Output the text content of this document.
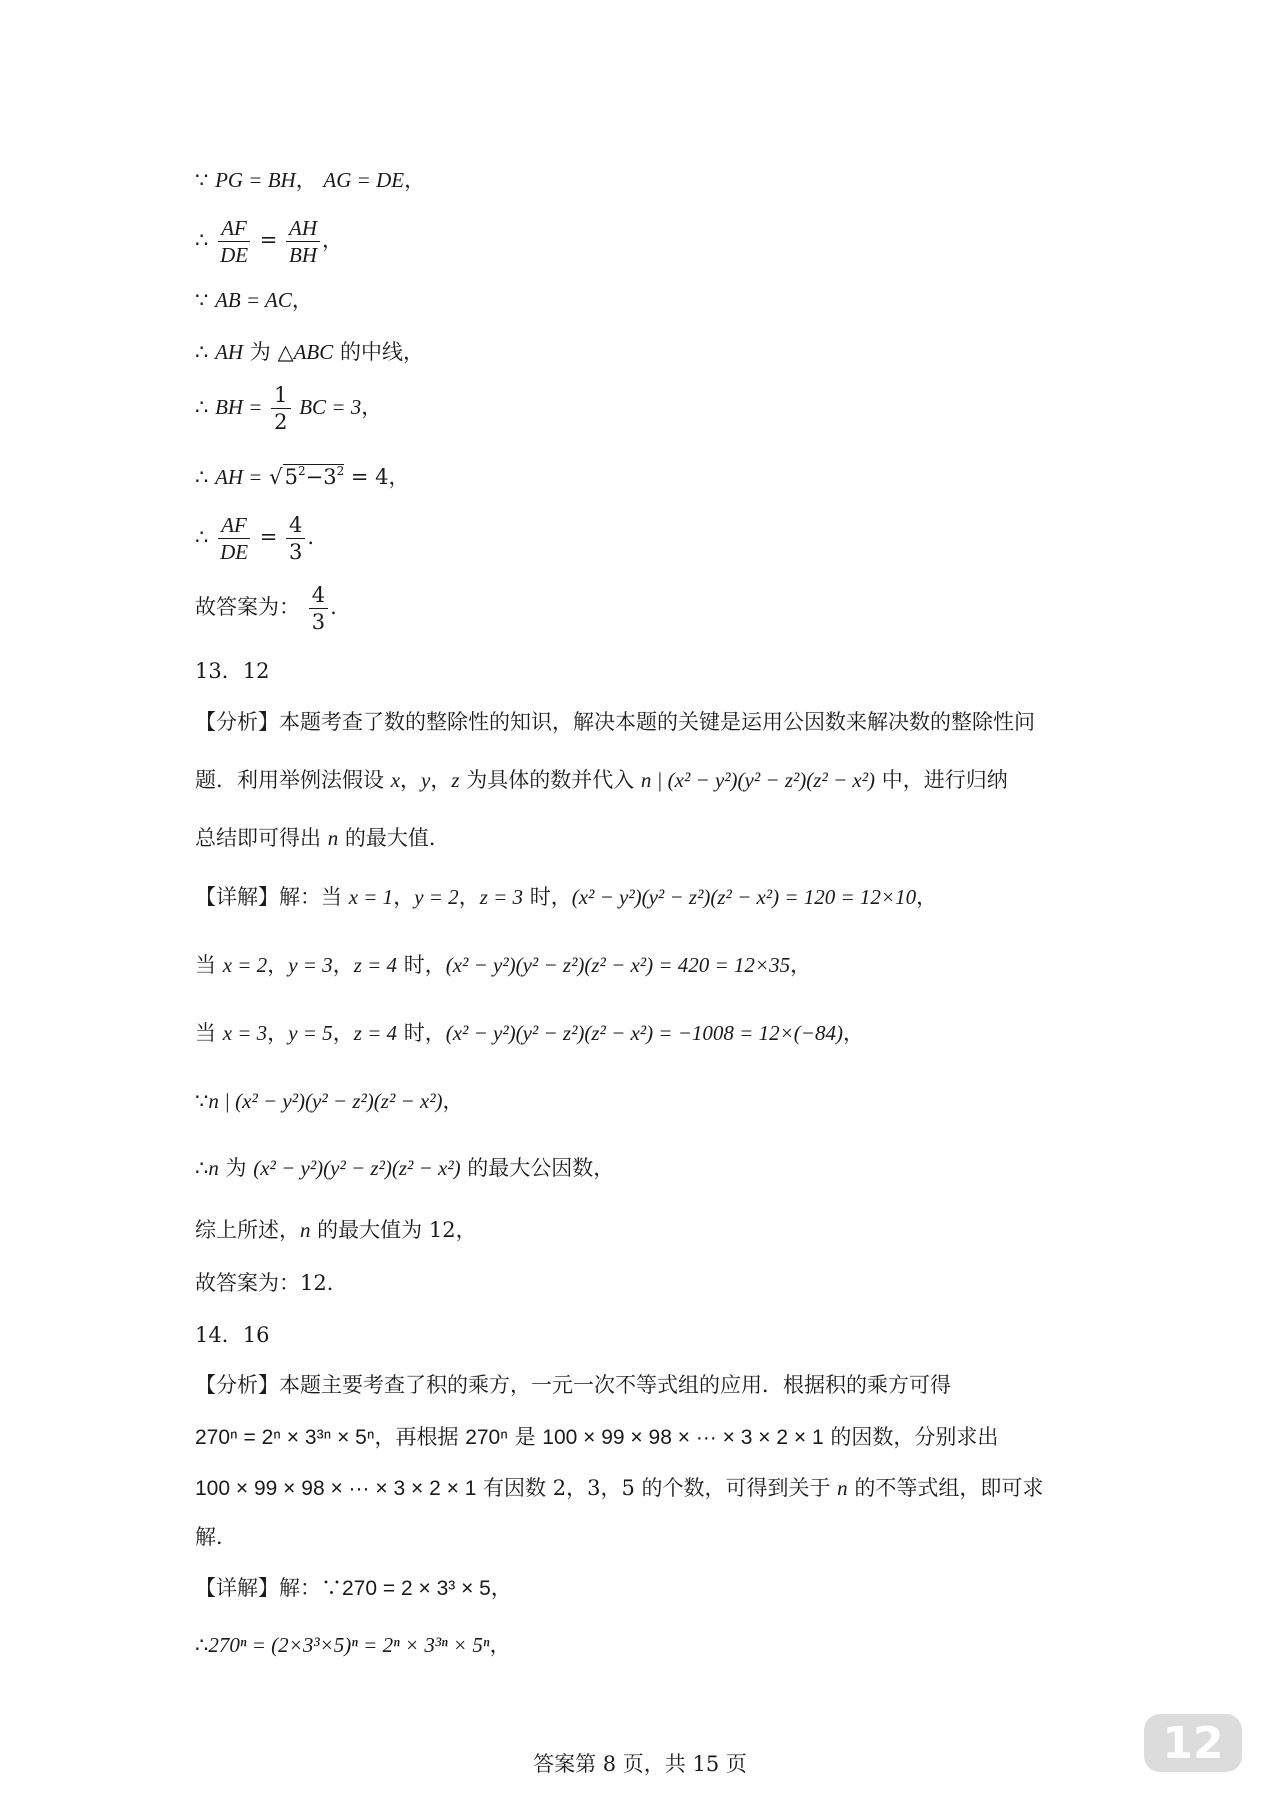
∵ PG = BH， AG = DE，
∴ $\frac{AF}{DE} = \frac{AH}{BH}$ ，
∵ AB = AC，
∴ AH 为 △ABC 的中线，
∴ BH = $\frac{1}{2}$ BC = 3，
∴ AH = $√5^2-3^2 = 4$，
∴ $\frac{AF}{DE} = \frac{4}{3}$ .
故答案为： $\frac{4}{3}$ .
13．12
【分析】本题考查了数的整除性的知识，解决本题的关键是运用公因数来解决数的整除性问
题．利用举例法假设 x，y，z 为具体的数并代入 n | (x² − y²)(y² − z²)(z² − x²) 中，进行归纳
总结即可得出 n 的最大值．
【详解】解：当 x = 1，y = 2，z = 3 时，(x² − y²)(y² − z²)(z² − x²) = 120 = 12×10，
当 x = 2，y = 3，z = 4 时，(x² − y²)(y² − z²)(z² − x²) = 420 = 12×35，
当 x = 3，y = 5，z = 4 时，(x² − y²)(y² − z²)(z² − x²) = −1008 = 12×(−84)，
∵n | (x² − y²)(y² − z²)(z² − x²)，
∴n 为 (x² − y²)(y² − z²)(z² − x²) 的最大公因数，
综上所述，n 的最大值为 12，
故答案为：12．
14．16
【分析】本题主要考查了积的乘方，一元一次不等式组的应用．根据积的乘方可得
270ⁿ = 2ⁿ × 3³ⁿ × 5ⁿ，再根据 270ⁿ 是 100 × 99 × 98 × ··· × 3 × 2 × 1 的因数，分别求出
100 × 99 × 98 × ··· × 3 × 2 × 1 有因数 2，3，5 的个数，可得到关于 n 的不等式组，即可求
解．
【详解】解：∵270 = 2 × 3³ × 5，
∴270ⁿ = (2×3³×5)ⁿ = 2ⁿ × 3³ⁿ × 5ⁿ，
12
答案第 8 页，共 15 页
